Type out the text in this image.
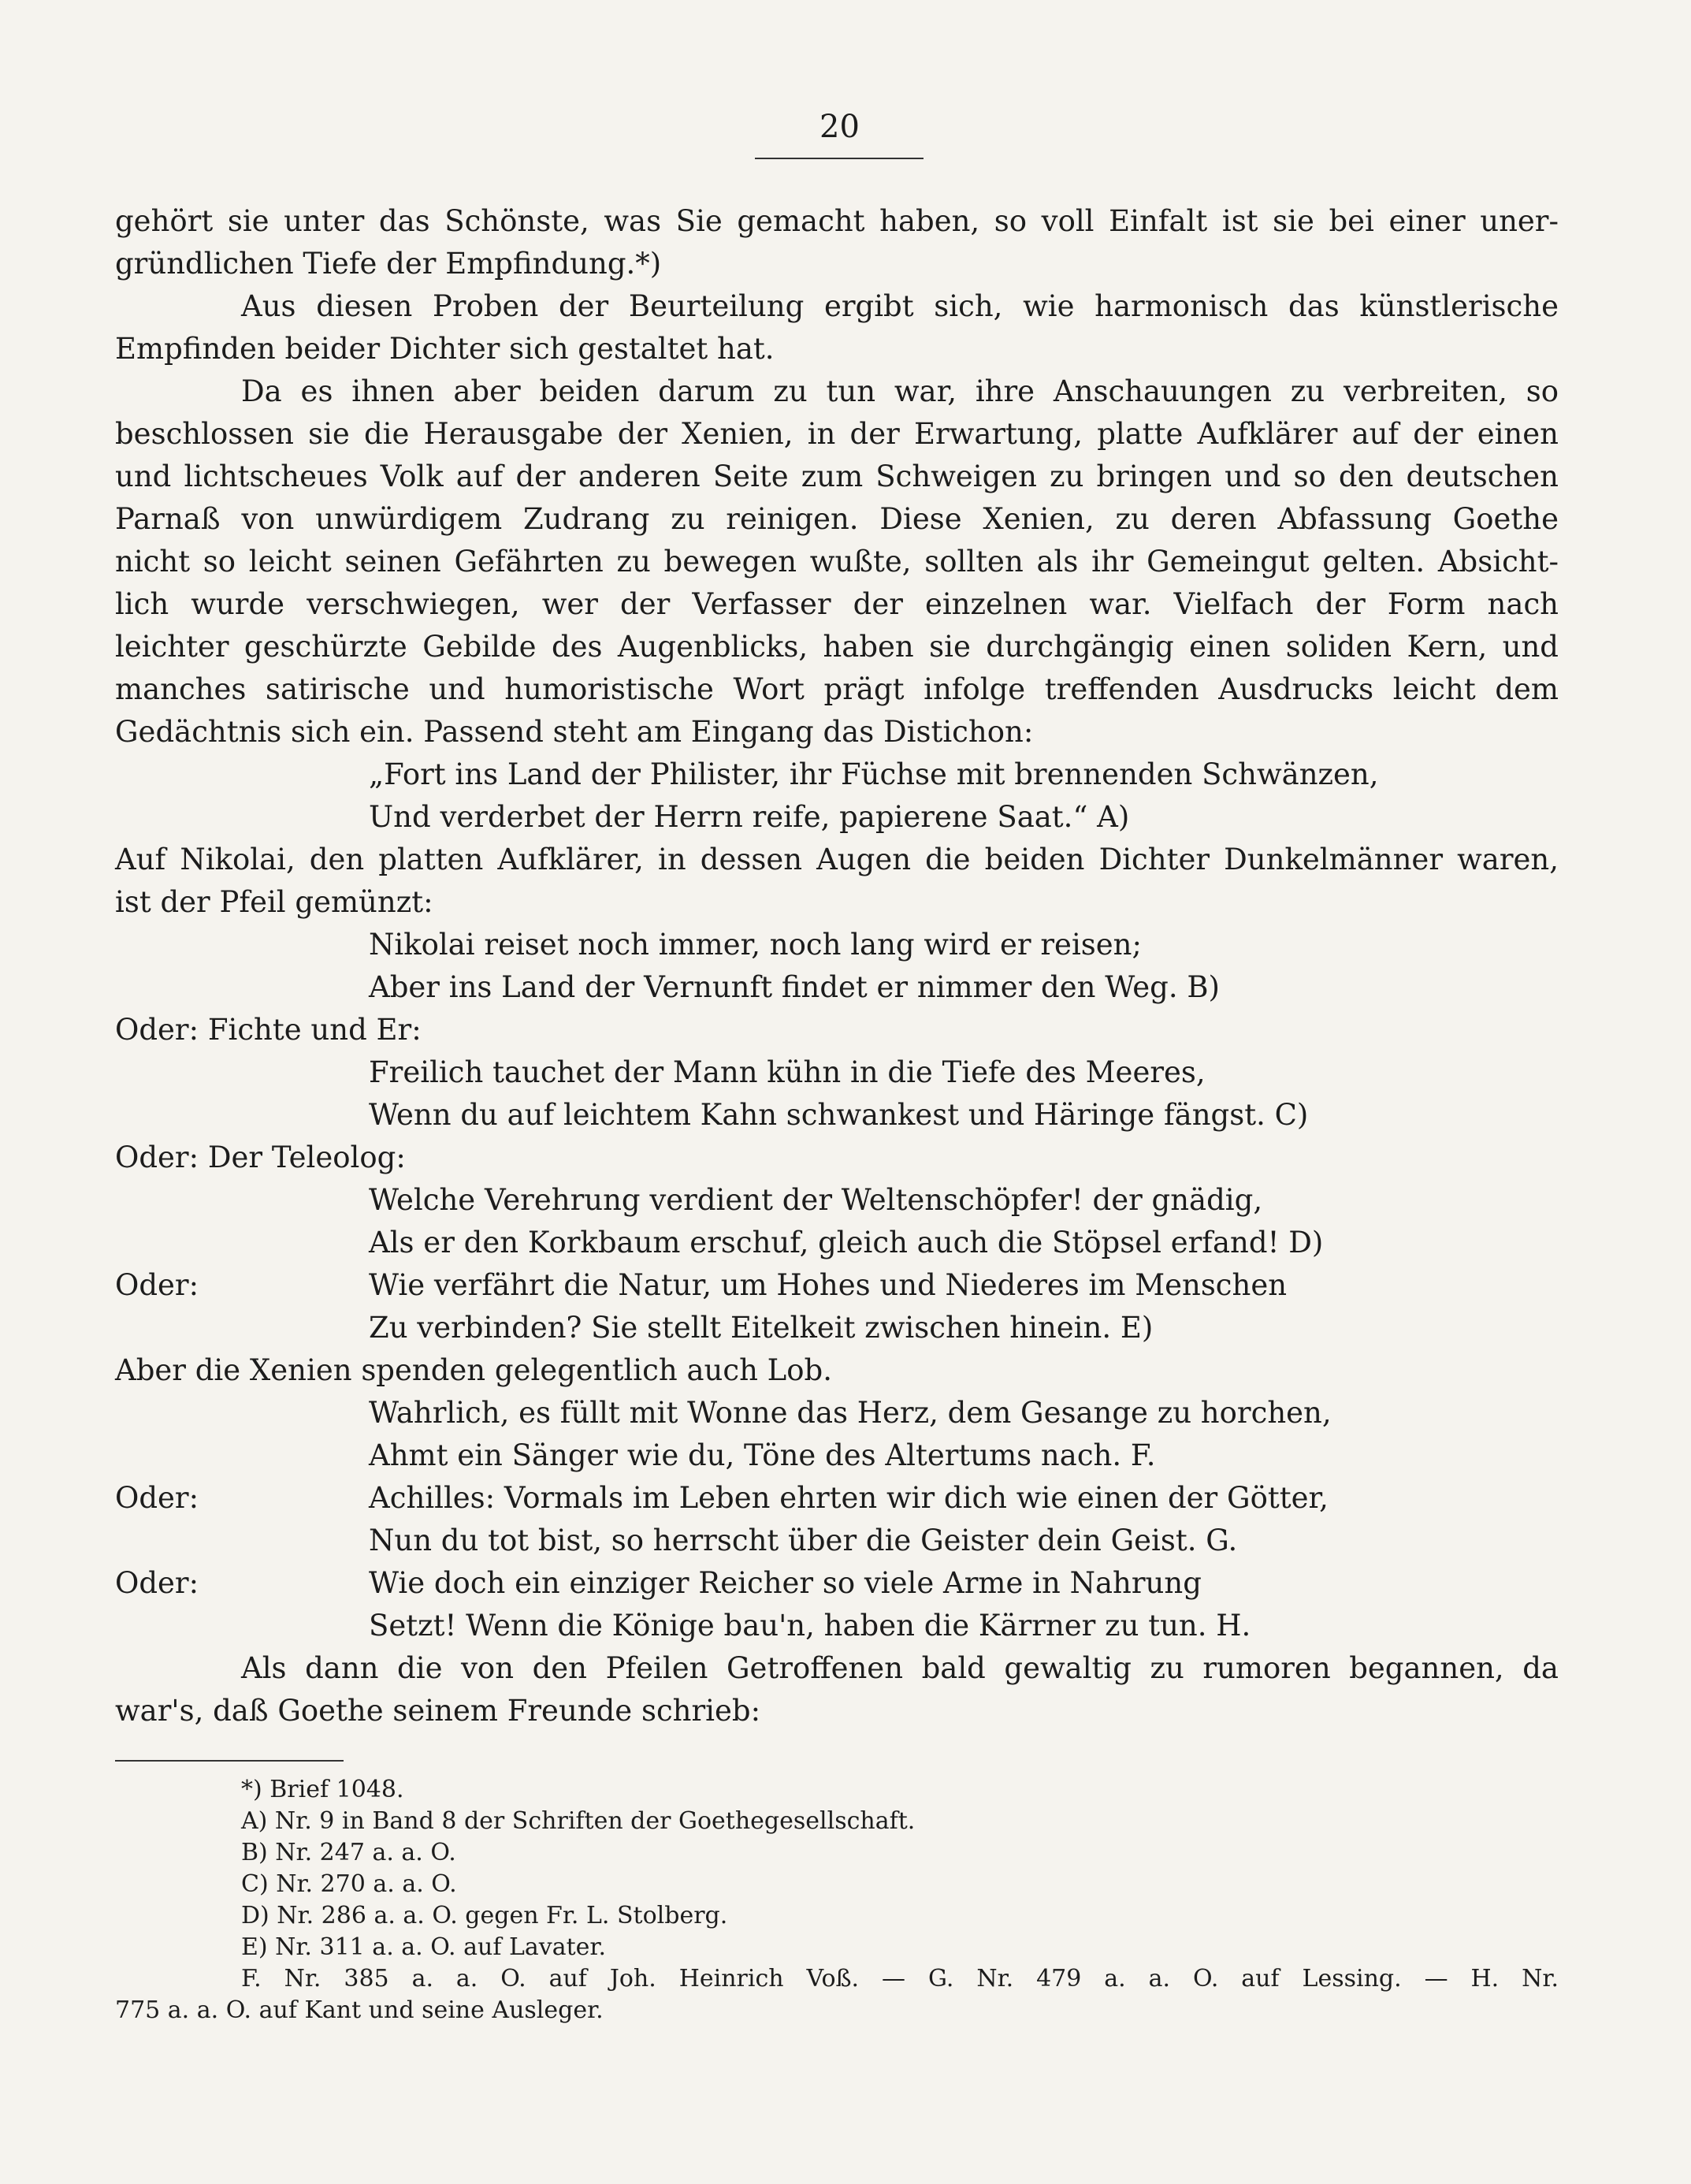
20
gehört sie unter das Schönste, was Sie gemacht haben, so voll Einfalt ist sie bei einer uner-
gründlichen Tiefe der Empfindung.*)
Aus diesen Proben der Beurteilung ergibt sich, wie harmonisch das künstlerische
Empfinden beider Dichter sich gestaltet hat.
Da es ihnen aber beiden darum zu tun war, ihre Anschauungen zu verbreiten, so
beschlossen sie die Herausgabe der Xenien, in der Erwartung, platte Aufklärer auf der einen
und lichtscheues Volk auf der anderen Seite zum Schweigen zu bringen und so den deutschen
Parnaß von unwürdigem Zudrang zu reinigen. Diese Xenien, zu deren Abfassung Goethe
nicht so leicht seinen Gefährten zu bewegen wußte, sollten als ihr Gemeingut gelten. Absicht-
lich wurde verschwiegen, wer der Verfasser der einzelnen war. Vielfach der Form nach
leichter geschürzte Gebilde des Augenblicks, haben sie durchgängig einen soliden Kern, und
manches satirische und humoristische Wort prägt infolge treffenden Ausdrucks leicht dem
Gedächtnis sich ein. Passend steht am Eingang das Distichon:
„Fort ins Land der Philister, ihr Füchse mit brennenden Schwänzen,
Und verderbet der Herrn reife, papierene Saat.“ A)
Auf Nikolai, den platten Aufklärer, in dessen Augen die beiden Dichter Dunkelmänner waren,
ist der Pfeil gemünzt:
Nikolai reiset noch immer, noch lang wird er reisen;
Aber ins Land der Vernunft findet er nimmer den Weg. B)
Oder: Fichte und Er:
Freilich tauchet der Mann kühn in die Tiefe des Meeres,
Wenn du auf leichtem Kahn schwankest und Häringe fängst. C)
Oder: Der Teleolog:
Welche Verehrung verdient der Weltenschöpfer! der gnädig,
Als er den Korkbaum erschuf, gleich auch die Stöpsel erfand! D)
Oder:	Wie verfährt die Natur, um Hohes und Niederes im Menschen
Zu verbinden? Sie stellt Eitelkeit zwischen hinein. E)
Aber die Xenien spenden gelegentlich auch Lob.
Wahrlich, es füllt mit Wonne das Herz, dem Gesange zu horchen,
Ahmt ein Sänger wie du, Töne des Altertums nach. F.
Oder:	Achilles: Vormals im Leben ehrten wir dich wie einen der Götter,
Nun du tot bist, so herrscht über die Geister dein Geist. G.
Oder:	Wie doch ein einziger Reicher so viele Arme in Nahrung
Setzt! Wenn die Könige bau'n, haben die Kärrner zu tun. H.
Als dann die von den Pfeilen Getroffenen bald gewaltig zu rumoren begannen, da
war's, daß Goethe seinem Freunde schrieb:
*) Brief 1048.
A) Nr. 9 in Band 8 der Schriften der Goethegesellschaft.
B) Nr. 247 a. a. O.
C) Nr. 270 a. a. O.
D) Nr. 286 a. a. O. gegen Fr. L. Stolberg.
E) Nr. 311 a. a. O. auf Lavater.
F. Nr. 385 a. a. O. auf Joh. Heinrich Voß. — G. Nr. 479 a. a. O. auf Lessing. — H. Nr.
775 a. a. O. auf Kant und seine Ausleger.
